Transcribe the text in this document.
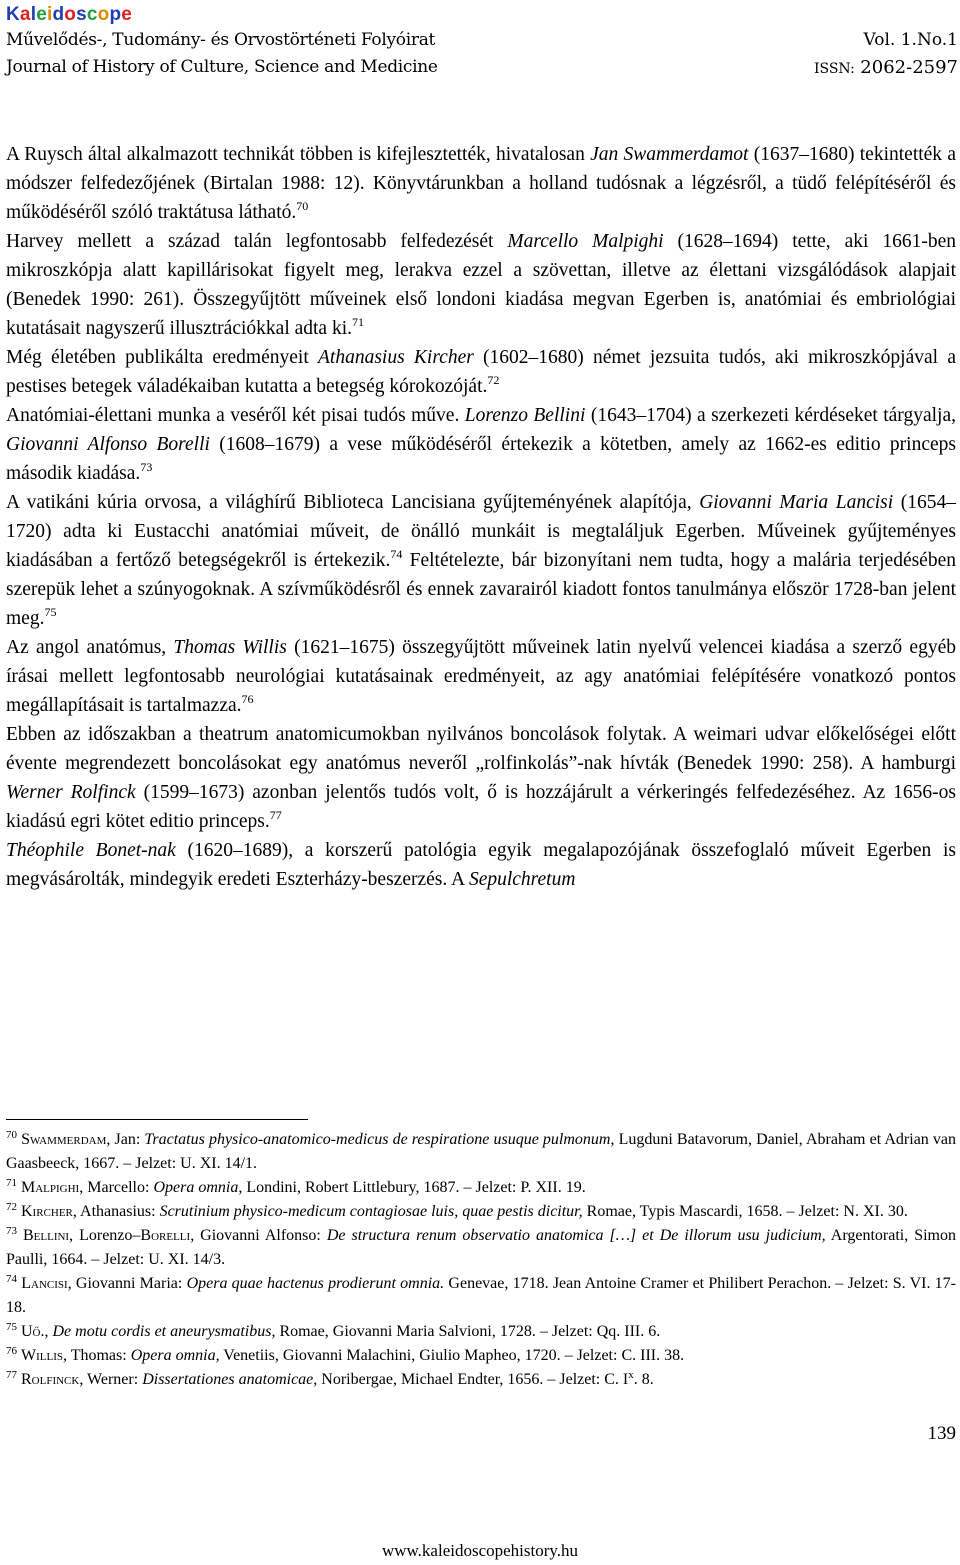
Kaleidoscope
Művelődés-, Tudomány- és Orvostörténeti Folyóirat	Vol. 1.No.1
Journal of History of Culture, Science and Medicine	ISSN: 2062-2597

A Ruysch által alkalmazott technikát többen is kifejlesztették, hivatalosan Jan Swammerdamot (1637–1680) tekintették a módszer felfedezőjének (Birtalan 1988: 12). Könyvtárunkban a holland tudósnak a légzésről, a tüdő felépítéséről és működéséről szóló traktátusa látható.$^{70}$

Harvey mellett a század talán legfontosabb felfedezését Marcello Malpighi (1628–1694) tette, aki 1661-ben mikroszkópja alatt kapillárisokat figyelt meg, lerakva ezzel a szövettan, illetve az élettani vizsgálódások alapjait (Benedek 1990: 261). Összegyűjtött műveinek első londoni kiadása megvan Egerben is, anatómiai és embriológiai kutatásait nagyszerű illusztrációkkal adta ki.$^{71}$

Még életében publikálta eredményeit Athanasius Kircher (1602–1680) német jezsuita tudós, aki mikroszkópjával a pestises betegek váladékaiban kutatta a betegség kórokozóját.$^{72}$

Anatómiai-élettani munka a veséről két pisai tudós műve. Lorenzo Bellini (1643–1704) a szerkezeti kérdéseket tárgyalja, Giovanni Alfonso Borelli (1608–1679) a vese működéséről értekezik a kötetben, amely az 1662-es editio princeps második kiadása.$^{73}$

A vatikáni kúria orvosa, a világhírű Biblioteca Lancisiana gyűjteményének alapítója, Giovanni Maria Lancisi (1654–1720) adta ki Eustacchi anatómiai műveit, de önálló munkáit is megtaláljuk Egerben. Műveinek gyűjteményes kiadásában a fertőző betegségekről is értekezik.$^{74}$ Feltételezte, bár bizonyítani nem tudta, hogy a malária terjedésében szerepük lehet a szúnyogoknak. A szívműködésről és ennek zavarairól kiadott fontos tanulmánya először 1728-ban jelent meg.$^{75}$

Az angol anatómus, Thomas Willis (1621–1675) összegyűjtött műveinek latin nyelvű velencei kiadása a szerző egyéb írásai mellett legfontosabb neurológiai kutatásainak eredményeit, az agy anatómiai felépítésére vonatkozó pontos megállapításait is tartalmazza.$^{76}$

Ebben az időszakban a theatrum anatomicumokban nyilvános boncolások folytak. A weimari udvar előkelőségei előtt évente megrendezett boncolásokat egy anatómus neveről „rolfinkolás”-nak hívták (Benedek 1990: 258). A hamburgi Werner Rolfinck (1599–1673) azonban jelentős tudós volt, ő is hozzájárult a vérkeringés felfedezéséhez. Az 1656-os kiadású egri kötet editio princeps.$^{77}$

Théophile Bonet-nak (1620–1689), a korszerű patológia egyik megalapozójának összefoglaló műveit Egerben is megvásárolták, mindegyik eredeti Eszterházy-beszerzés. A Sepulchretum

$^{70}$ Swammerdam, Jan: Tractatus physico-anatomico-medicus de respiratione usuque pulmonum, Lugduni Batavorum, Daniel, Abraham et Adrian van Gaasbeeck, 1667. – Jelzet: U. XI. 14/1.

$^{71}$ Malpighi, Marcello: Opera omnia, Londini, Robert Littlebury, 1687. – Jelzet: P. XII. 19.

$^{72}$ Kircher, Athanasius: Scrutinium physico-medicum contagiosae luis, quae pestis dicitur, Romae, Typis Mascardi, 1658. – Jelzet: N. XI. 30.

$^{73}$ Bellini, Lorenzo–Borelli, Giovanni Alfonso: De structura renum observatio anatomica […] et De illorum usu judicium, Argentorati, Simon Paulli, 1664. – Jelzet: U. XI. 14/3.

$^{74}$ Lancisi, Giovanni Maria: Opera quae hactenus prodierunt omnia. Genevae, 1718. Jean Antoine Cramer et Philibert Perachon. – Jelzet: S. VI. 17-18.

$^{75}$ Uő., De motu cordis et aneurysmatibus, Romae, Giovanni Maria Salvioni, 1728. – Jelzet: Qq. III. 6.

$^{76}$ Willis, Thomas: Opera omnia, Venetiis, Giovanni Malachini, Giulio Mapheo, 1720. – Jelzet: C. III. 38.

$^{77}$ Rolfinck, Werner: Dissertationes anatomicae, Noribergae, Michael Endter, 1656. – Jelzet: C. $I^x$. 8.

139
www.kaleidoscopehistory.hu
